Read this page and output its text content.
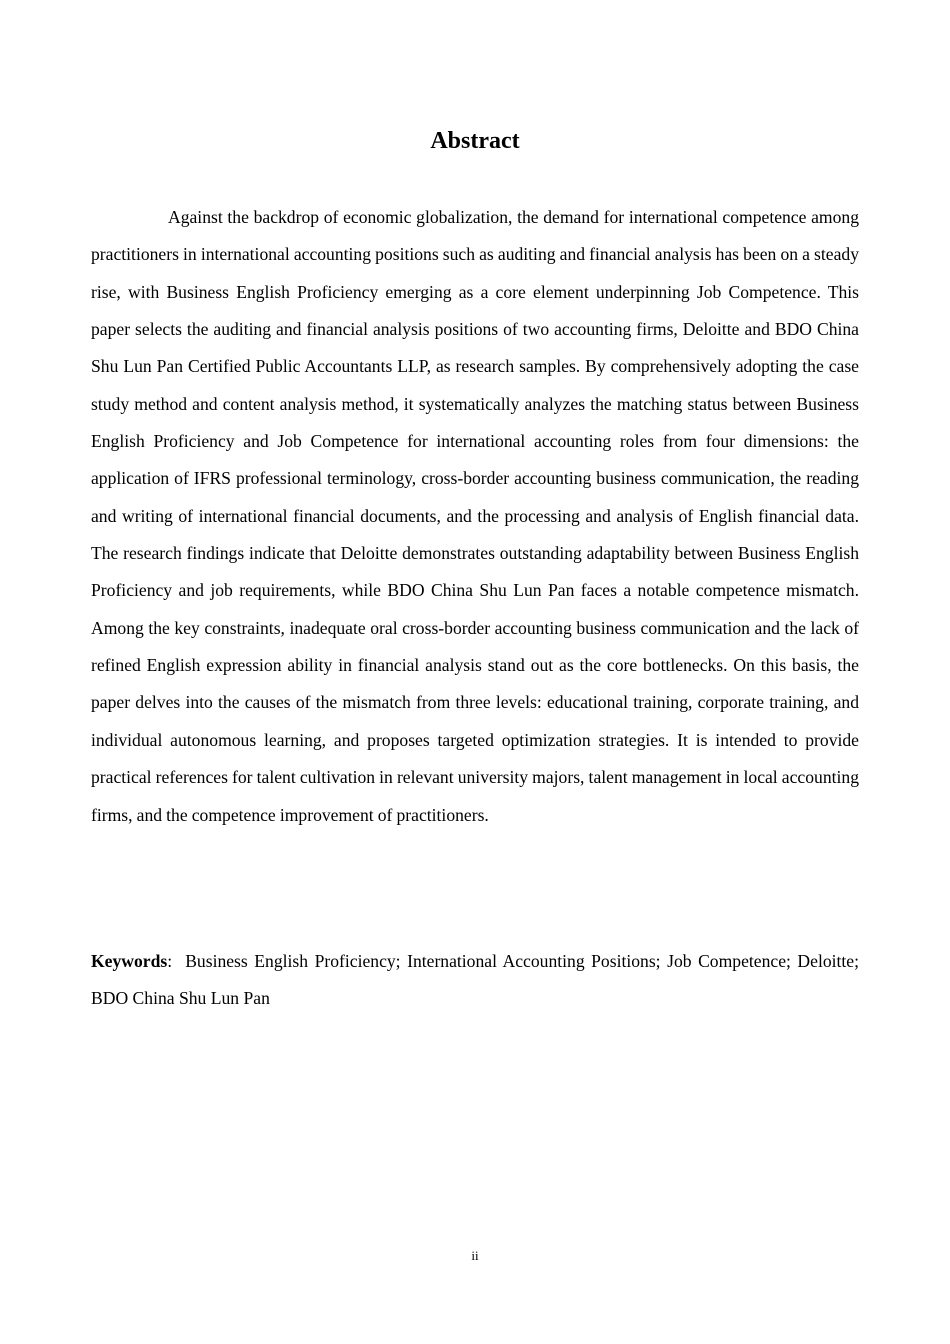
Abstract

Against the backdrop of economic globalization, the demand for international competence among practitioners in international accounting positions such as auditing and financial analysis has been on a steady rise, with Business English Proficiency emerging as a core element underpinning Job Competence. This paper selects the auditing and financial analysis positions of two accounting firms, Deloitte and BDO China Shu Lun Pan Certified Public Accountants LLP, as research samples. By comprehensively adopting the case study method and content analysis method, it systematically analyzes the matching status between Business English Proficiency and Job Competence for international accounting roles from four dimensions: the application of IFRS professional terminology, cross-border accounting business communication, the reading and writing of international financial documents, and the processing and analysis of English financial data. The research findings indicate that Deloitte demonstrates outstanding adaptability between Business English Proficiency and job requirements, while BDO China Shu Lun Pan faces a notable competence mismatch. Among the key constraints, inadequate oral cross-border accounting business communication and the lack of refined English expression ability in financial analysis stand out as the core bottlenecks. On this basis, the paper delves into the causes of the mismatch from three levels: educational training, corporate training, and individual autonomous learning, and proposes targeted optimization strategies. It is intended to provide practical references for talent cultivation in relevant university majors, talent management in local accounting firms, and the competence improvement of practitioners.

Keywords: Business English Proficiency; International Accounting Positions; Job Competence; Deloitte; BDO China Shu Lun Pan

ii
